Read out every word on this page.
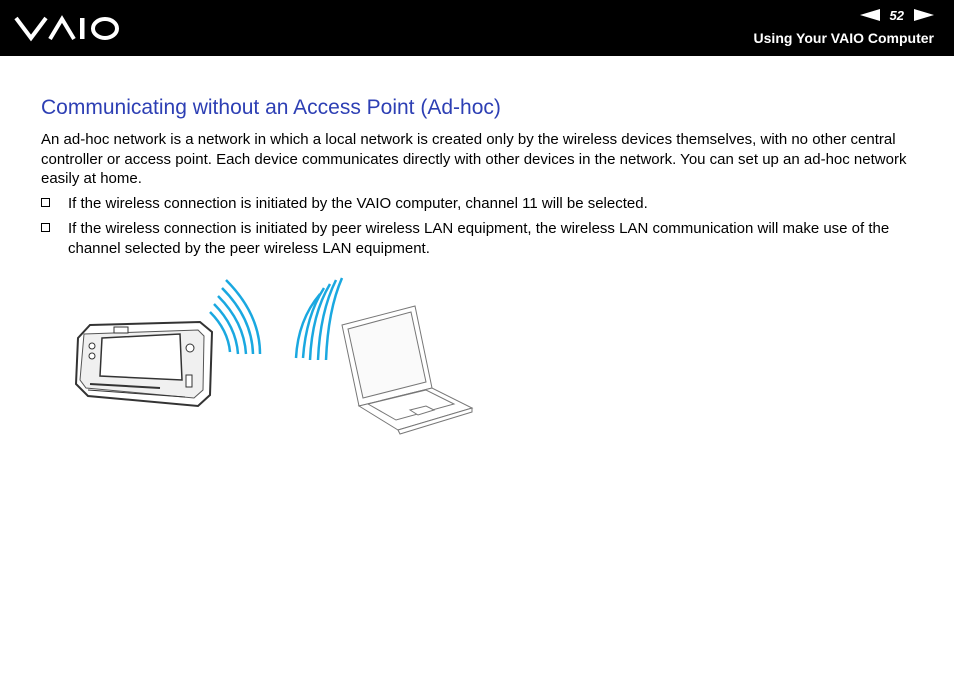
52
Using Your VAIO Computer
Communicating without an Access Point (Ad-hoc)

An ad-hoc network is a network in which a local network is created only by the wireless devices themselves, with no other central controller or access point. Each device communicates directly with other devices in the network. You can set up an ad-hoc network easily at home.

If the wireless connection is initiated by the VAIO computer, channel 11 will be selected.
If the wireless connection is initiated by peer wireless LAN equipment, the wireless LAN communication will make use of the channel selected by the peer wireless LAN equipment.
